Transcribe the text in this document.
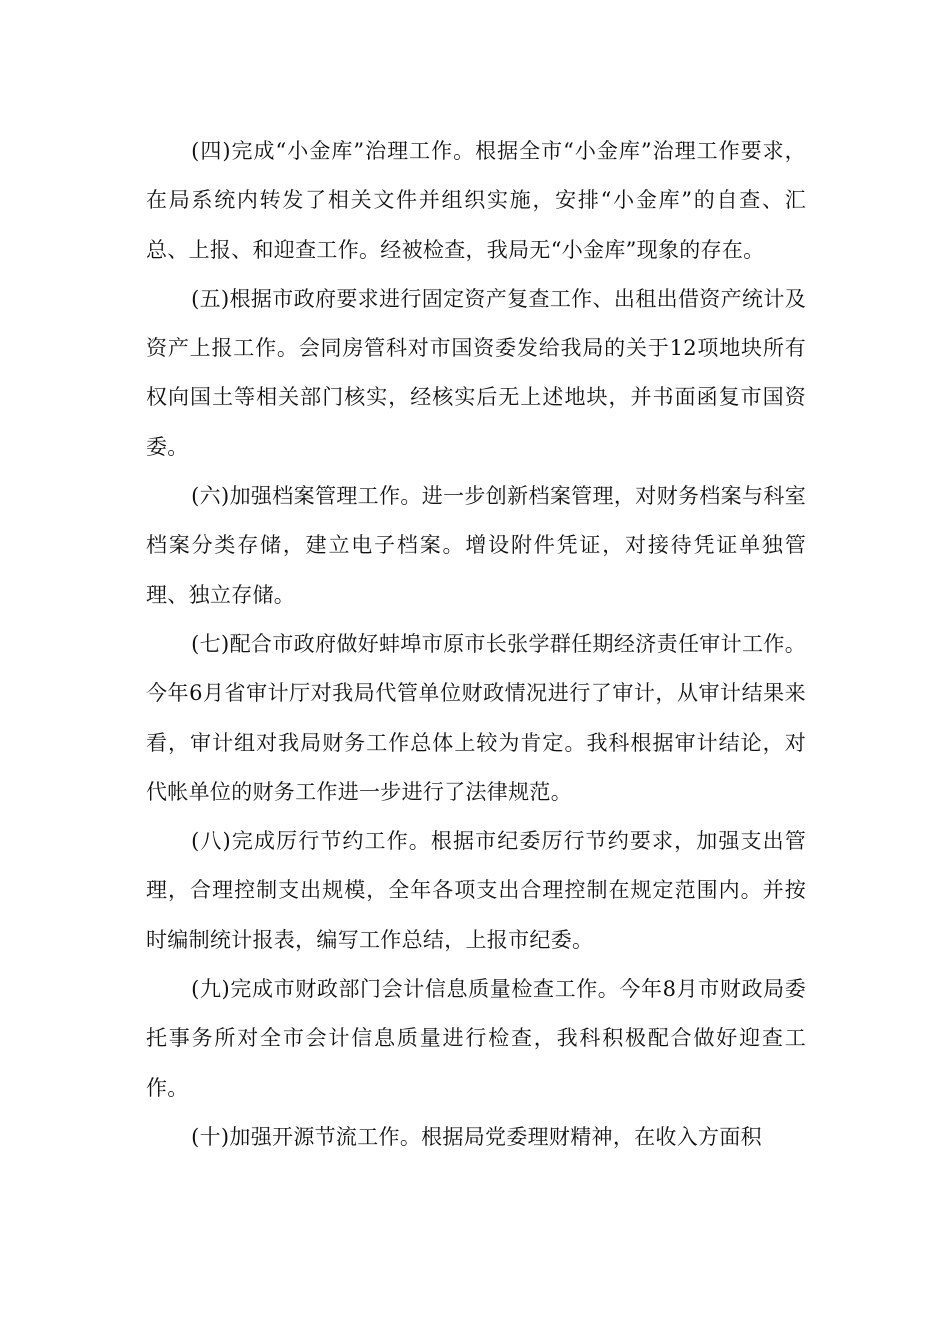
(四)完成“小金库”治理工作。根据全市“小金库”治理工作要求，在局系统内转发了相关文件并组织实施，安排“小金库”的自查、汇总、上报、和迎查工作。经被检查，我局无“小金库”现象的存在。

(五)根据市政府要求进行固定资产复查工作、出租出借资产统计及资产上报工作。会同房管科对市国资委发给我局的关于12项地块所有权向国土等相关部门核实，经核实后无上述地块，并书面函复市国资委。

(六)加强档案管理工作。进一步创新档案管理，对财务档案与科室档案分类存储，建立电子档案。增设附件凭证，对接待凭证单独管理、独立存储。

(七)配合市政府做好蚌埠市原市长张学群任期经济责任审计工作。今年6月省审计厅对我局代管单位财政情况进行了审计，从审计结果来看，审计组对我局财务工作总体上较为肯定。我科根据审计结论，对代帐单位的财务工作进一步进行了法律规范。

(八)完成厉行节约工作。根据市纪委厉行节约要求，加强支出管理，合理控制支出规模，全年各项支出合理控制在规定范围内。并按时编制统计报表，编写工作总结，上报市纪委。

(九)完成市财政部门会计信息质量检查工作。今年8月市财政局委托事务所对全市会计信息质量进行检查，我科积极配合做好迎查工作。

(十)加强开源节流工作。根据局党委理财精神，在收入方面积
